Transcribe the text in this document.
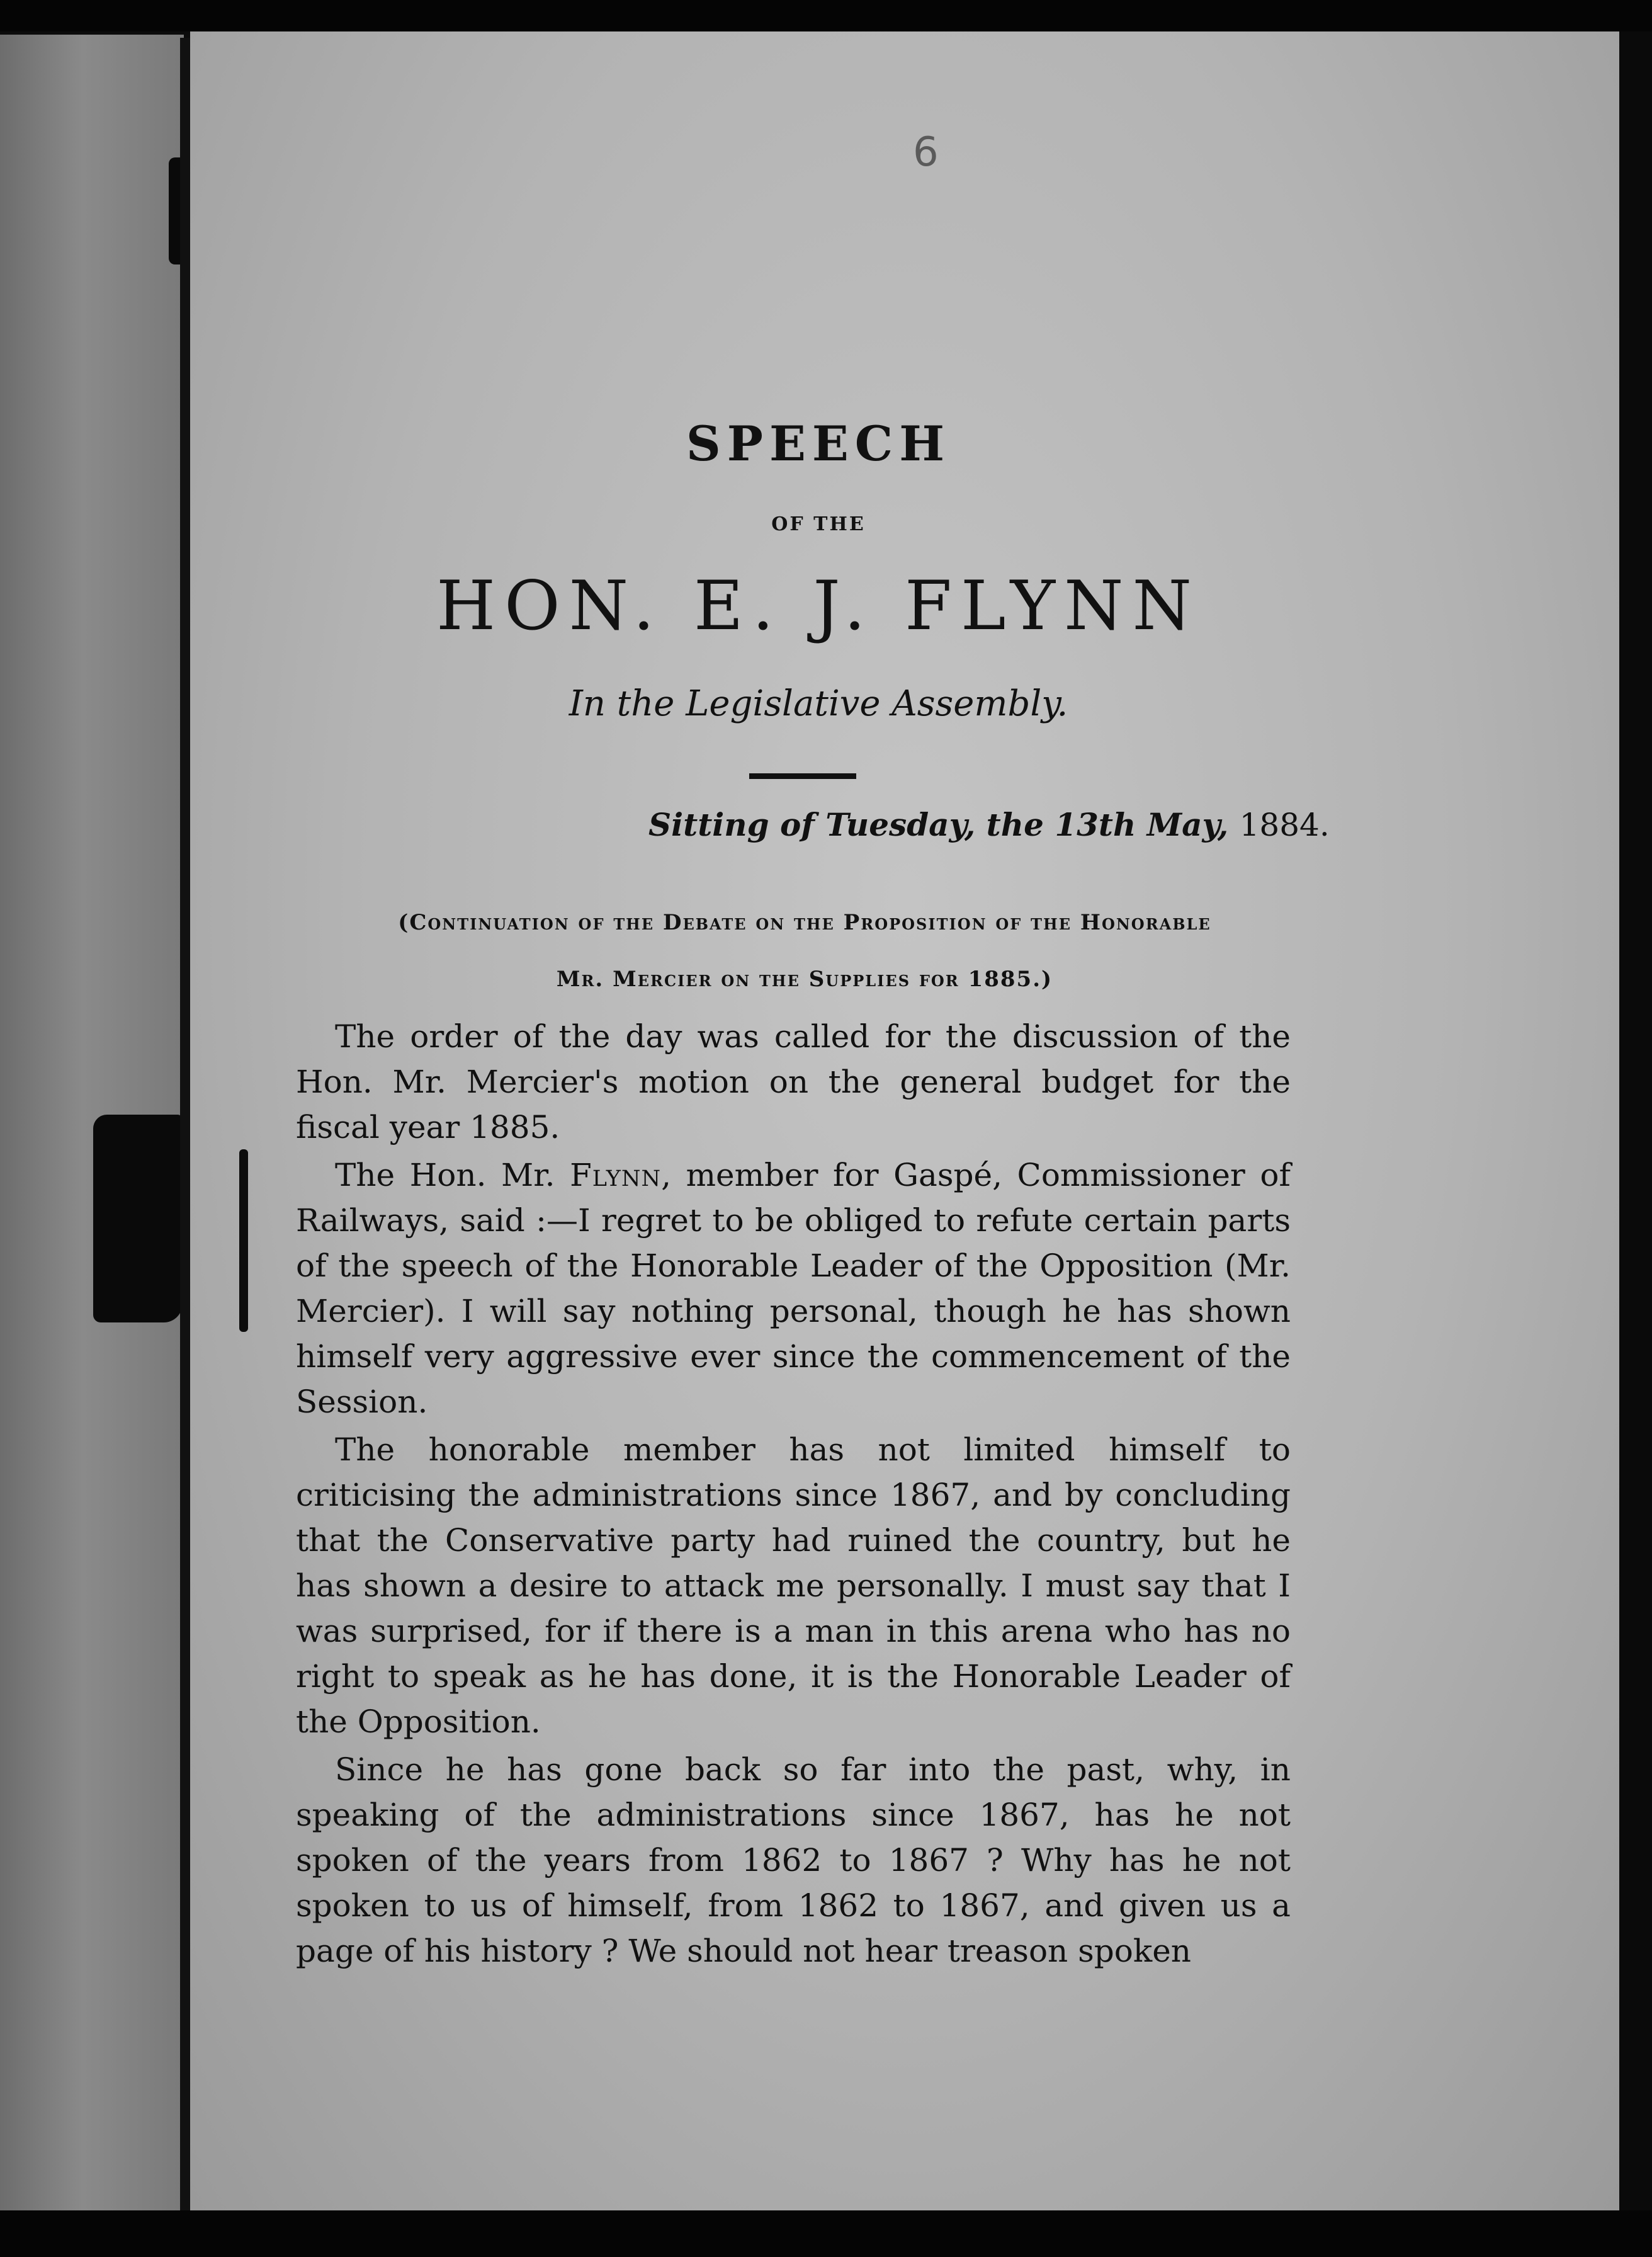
6
SPEECH
OF THE
HON. E. J. FLYNN
In the Legislative Assembly.
Sitting of Tuesday, the 13th May, 1884.
(Continuation of the Debate on the Proposition of the Honorable
Mr. Mercier on the Supplies for 1885.)

The order of the day was called for the discussion of the Hon. Mr. Mercier's motion on the general budget for the fiscal year 1885.

The Hon. Mr. Flynn, member for Gaspé, Commissioner of Railways, said :—I regret to be obliged to refute certain parts of the speech of the Honorable Leader of the Opposition (Mr. Mercier). I will say nothing personal, though he has shown himself very aggressive ever since the commencement of the Session.

The honorable member has not limited himself to criticising the administrations since 1867, and by concluding that the Conservative party had ruined the country, but he has shown a desire to attack me personally. I must say that I was surprised, for if there is a man in this arena who has no right to speak as he has done, it is the Honorable Leader of the Opposition.

Since he has gone back so far into the past, why, in speaking of the administrations since 1867, has he not spoken of the years from 1862 to 1867 ? Why has he not spoken to us of himself, from 1862 to 1867, and given us a page of his history ? We should not hear treason spoken
